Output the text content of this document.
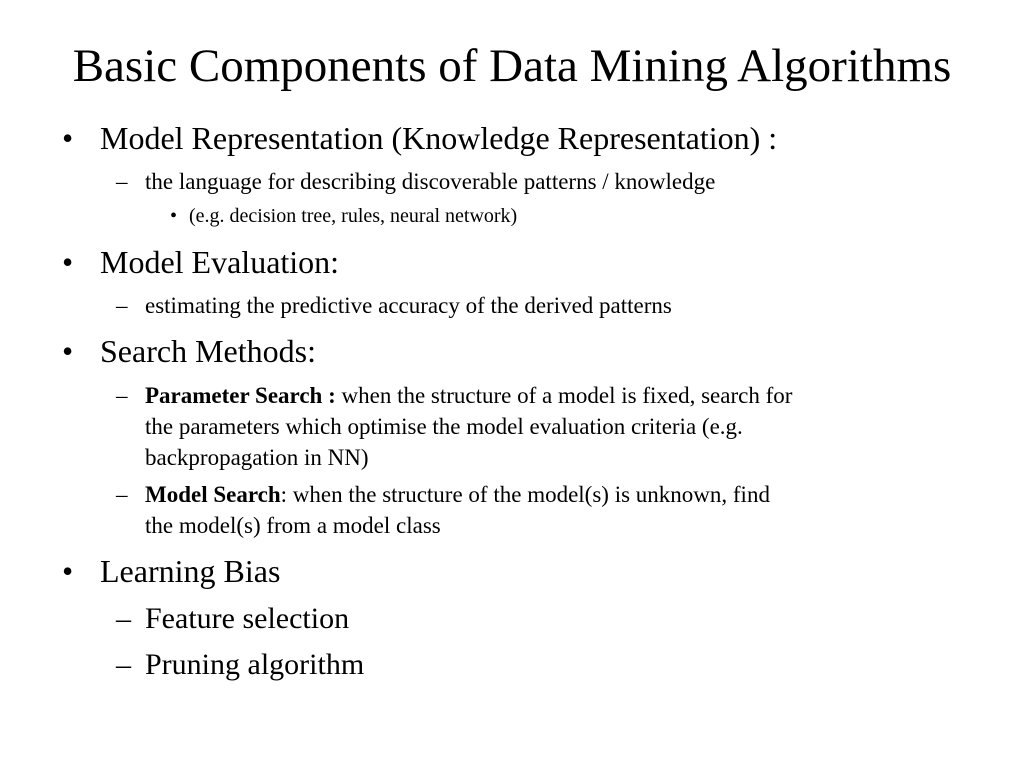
Basic Components of Data Mining Algorithms
• Model Representation (Knowledge Representation) :
– the language for describing discoverable patterns / knowledge
• (e.g. decision tree, rules, neural network)
• Model Evaluation:
– estimating the predictive accuracy of the derived patterns
• Search Methods:
– Parameter Search : when the structure of a model is fixed, search for
the parameters which optimise the model evaluation criteria (e.g.
backpropagation in NN)
– Model Search: when the structure of the model(s) is unknown, find
the model(s) from a model class
• Learning Bias
– Feature selection
– Pruning algorithm
